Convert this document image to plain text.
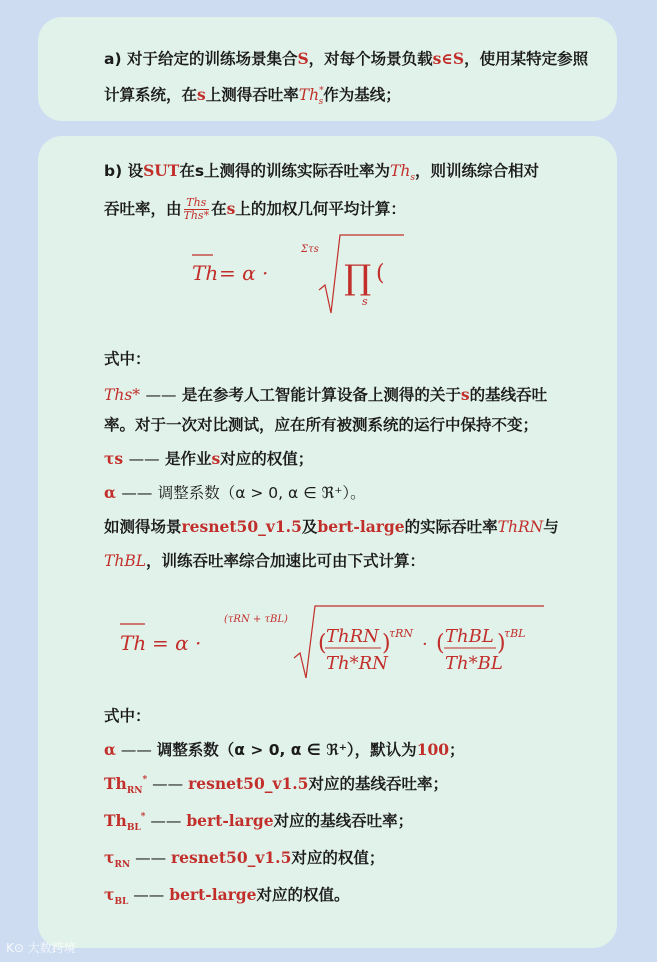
a) 对于给定的训练场景集合S，对每个场景负载s∈S，使用某特定参照计算系统，在s上测得吞吐率$Th^*_s$作为基线；

b) 设SUT在s上测得的训练实际吞吐率为$Th_s$，则训练综合相对

吞吐率，由 $\frac{\text{Ths}}{\text{Ths*}}$ 在s上的加权几何平均计算：

Th = α ·
Στs
∏
s
(

式中：

Ths* —— 是在参考人工智能计算设备上测得的关于s的基线吞吐

率。对于一次对比测试，应在所有被测系统的运行中保持不变；

τs —— 是作业s对应的权值；

α —— 调整系数（α > 0, α ∈ ℜ⁺）。

如测得场景resnet50_v1.5及bert-large的实际吞吐率ThRN与

ThBL，训练吞吐率综合加速比可由下式计算：

Th = α ·
(τRN + τBL)
( ThRN
Th*RN
)
τRN
· ( ThBL
Th*BL
)
τBL

式中：

α —— 调整系数（α > 0, α ∈ ℜ⁺），默认为100；

$Th_{RN}^*$ —— resnet50_v1.5对应的基线吞吐率；

$Th_{BL}^*$ —— bert-large对应的基线吞吐率；

$\tau_{RN}$ —— resnet50_v1.5对应的权值；

$\tau_{BL}$ —— bert-large对应的权值。

K⊙ 大数跨境
